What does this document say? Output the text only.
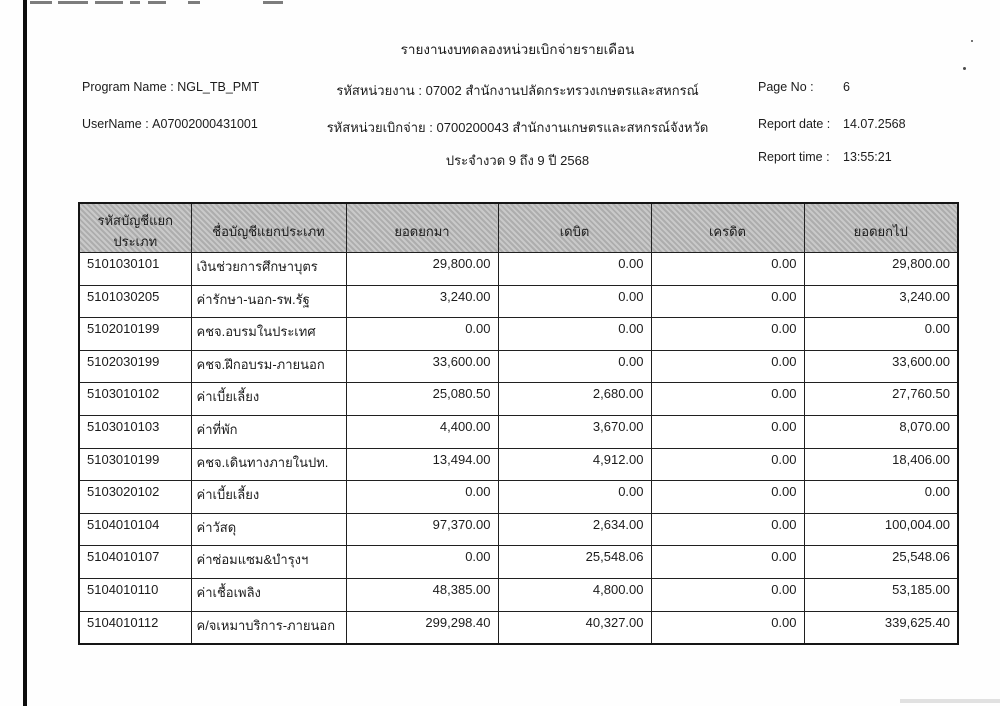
รายงานงบทดลองหน่วยเบิกจ่ายรายเดือน
รหัสหน่วยงาน : 07002 สำนักงานปลัดกระทรวงเกษตรและสหกรณ์
รหัสหน่วยเบิกจ่าย : 0700200043 สำนักงานเกษตรและสหกรณ์จังหวัด
ประจำงวด 9 ถึง 9 ปี 2568
Program Name : NGL_TB_PMT
UserName : A07002000431001
Page No : 6
Report date : 14.07.2568
Report time : 13:55:21
รหัสบัญชีแยกประเภท	ชื่อบัญชีแยกประเภท	ยอดยกมา	เดบิต	เครดิต	ยอดยกไป
5101030101	เงินช่วยการศึกษาบุตร	29,800.00	0.00	0.00	29,800.00
5101030205	ค่ารักษา-นอก-รพ.รัฐ	3,240.00	0.00	0.00	3,240.00
5102010199	คชจ.อบรมในประเทศ	0.00	0.00	0.00	0.00
5102030199	คชจ.ฝึกอบรม-ภายนอก	33,600.00	0.00	0.00	33,600.00
5103010102	ค่าเบี้ยเลี้ยง	25,080.50	2,680.00	0.00	27,760.50
5103010103	ค่าที่พัก	4,400.00	3,670.00	0.00	8,070.00
5103010199	คชจ.เดินทางภายในปท.	13,494.00	4,912.00	0.00	18,406.00
5103020102	ค่าเบี้ยเลี้ยง	0.00	0.00	0.00	0.00
5104010104	ค่าวัสดุ	97,370.00	2,634.00	0.00	100,004.00
5104010107	ค่าซ่อมแซม&บำรุงฯ	0.00	25,548.06	0.00	25,548.06
5104010110	ค่าเชื้อเพลิง	48,385.00	4,800.00	0.00	53,185.00
5104010112	ค/จเหมาบริการ-ภายนอก	299,298.40	40,327.00	0.00	339,625.40
